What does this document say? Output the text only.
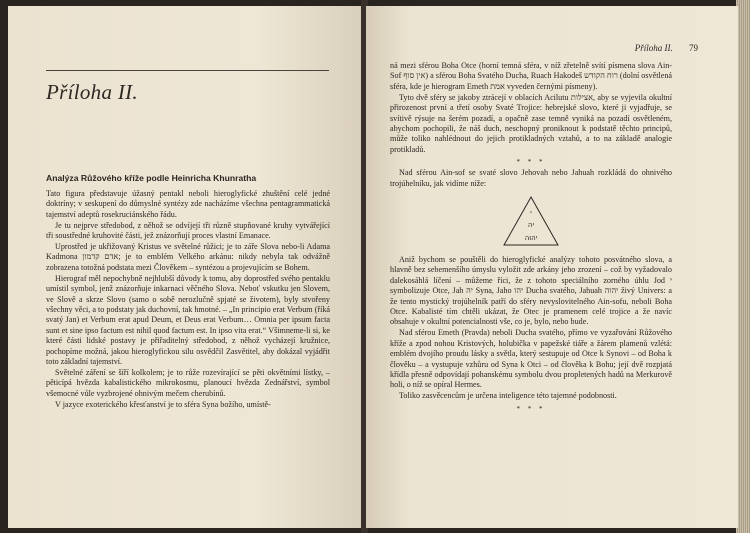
Příloha II.
Analýza Růžového kříže podle Heinricha Khunratha

Tato figura představuje úžasný pentakl neboli hieroglyfické zhuštění celé jedné doktríny; v seskupení do důmyslné syntézy zde nacházíme všechna pentagrammatická tajemství adeptů rosekruciánského řádu.

Je tu nejprve středobod, z něhož se odvíjejí tři různě stupňované kruhy vytvářející tři soustředné kruhovité části, jež znázorňují proces vlastní Emanace.

Uprostřed je ukřižovaný Kristus ve světelné růžici; je to záře Slova nebo-li Adama Kadmona אדם קדמון; je to emblém Velkého arkánu: nikdy nebyla tak odvážně zobrazena totožná podstata mezi Člověkem – syntézou a projevujícím se Bohem.

Hierograf měl nepochybně nejhlubší důvody k tomu, aby doprostřed svého pentaklu umístil symbol, jenž znázorňuje inkarnaci věčného Slova. Neboť vskutku jen Slovem, ve Slově a skrze Slovo (samo o sobě nerozlučně spjaté se životem), byly stvořeny všechny věci, a to podstaty jak duchovní, tak hmotné. – „In principio erat Verbum (říká svatý Jan) et Verbum erat apud Deum, et Deus erat Verbum… Omnia per ipsum facta sunt et sine ipso factum est nihil quod factum est. In ipso vita erat.“ Všimneme-li si, ke které části lidské postavy je přiřaditelný středobod, z něhož vycházejí kružnice, pochopíme možná, jakou hieroglyfickou silu osvědčil Zasvětitel, aby dokázal vyjádřit toto základní tajemství.

Světelné záření se šíří kolkolem; je to růže rozevírající se pěti okvětními lístky, – pěticípá hvězda kabalistického mikrokosmu, planoucí hvězda Zednářství, symbol všemocné vůle vyzbrojené ohnivým mečem cherubínů.

V jazyce exoterického křesťanství je to sféra Syna božího, umístě-

Příloha II. 79

ná mezi sférou Boha Otce (horní temná sféra, v níž zřetelně svítí písmena slova Ain-Sof אין סוף) a sférou Boha Svatého Ducha, Ruach Hakodeš רוח הקודש (dolní osvětlená sféra, kde je hierogram Emeth אמת vyveden černými písmeny).

Tyto dvě sféry se jakoby ztrácejí v oblacích Acilutu אצילות, aby se vyjevila okultní přirozenost první a třetí osoby Svaté Trojice: hebrejské slovo, které ji vyjadřuje, se svítivě rýsuje na šerém pozadí, a opačně zase temně vyniká na pozadí osvětleném, abychom pochopili, že náš duch, neschopný proniknout k podstatě těchto principů, může toliko nahlédnout do jejich protikladných vztahů, a to na základě analogie protikladů.

* * *

Nad sférou Ain-sof se svaté slovo Jehovah nebo Jahuah rozkládá do ohnivého trojúhelníku, jak vidíme níže:

י
יה
יהוה

Aniž bychom se pouštěli do hieroglyfické analýzy tohoto posvátného slova, a hlavně bez sebemenšího úmyslu vyložit zde arkány jeho zrození – což by vyžadovalo dalekosáhlá líčení – můžeme říci, že z tohoto speciálního zorného úhlu Jod י symbolizuje Otce, Jah יה Syna, Jaho יהו Ducha svatého, Jahuah יהוה živý Univers: a že tento mystický trojúhelník patří do sféry nevyslovitelného Ain-sofu, neboli Boha Otce. Kabalisté tím chtěli ukázat, že Otec je pramenem celé trojice a že navíc obsahuje v okultní potencialnosti vše, co je, bylo, nebo bude.

Nad sférou Emeth (Pravda) neboli Ducha svatého, přímo ve vyzařování Růžového kříže a zpod nohou Kristových, holubička v papežské tiáře a žárem plamenů vzlétá: emblém dvojího proudu lásky a světla, který sestupuje od Otce k Synovi – od Boha k člověku – a vystupuje vzhůru od Syna k Otci – od člověka k Bohu; její dvě rozpjatá křídla přesně odpovídají pohanskému symbolu dvou propletených hadů na Merkurově holi, o níž se opíral Hermes.

Toliko zasvěcencům je určena inteligence této tajemné podobnosti.

* * *
